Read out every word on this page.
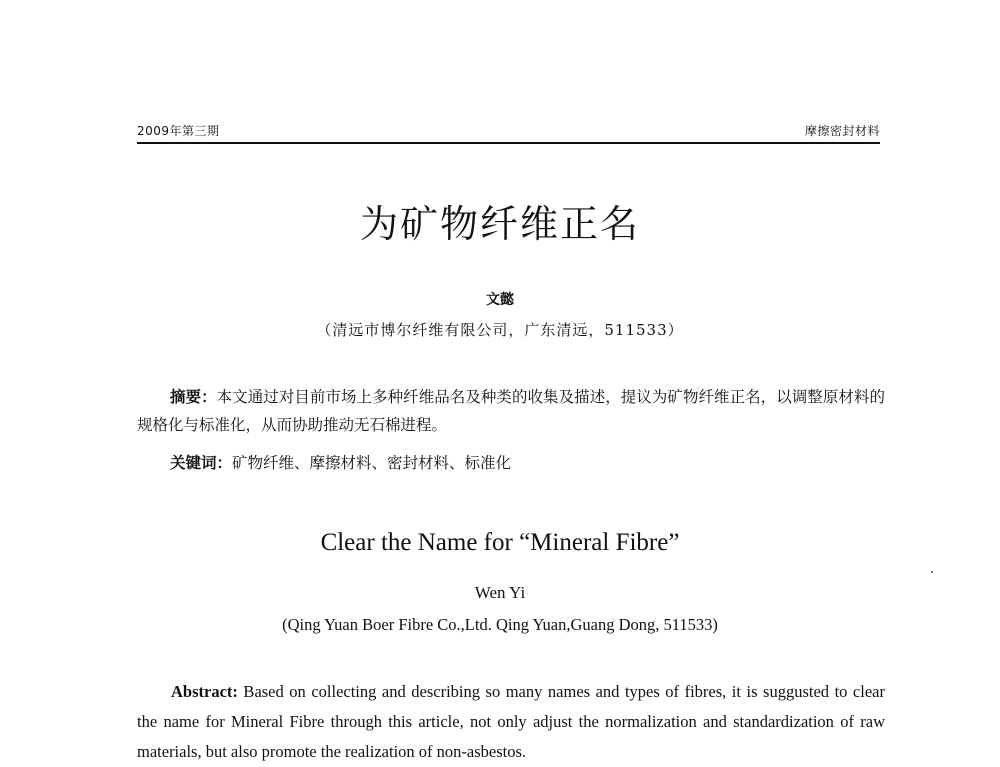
2009年第三期	摩擦密封材料
为矿物纤维正名
文懿
（清远市博尔纤维有限公司，广东清远，511533）
摘要：本文通过对目前市场上多种纤维品名及种类的收集及描述，提议为矿物纤维正名，以调整原材料的规格化与标准化，从而协助推动无石棉进程。
关键词：矿物纤维、摩擦材料、密封材料、标准化
Clear the Name for “Mineral Fibre”
Wen Yi
(Qing Yuan Boer Fibre Co.,Ltd. Qing Yuan,Guang Dong, 511533)
Abstract: Based on collecting and describing so many names and types of fibres, it is suggusted to clear the name for Mineral Fibre through this article, not only adjust the normalization and standardization of raw materials, but also promote the realization of non-asbestos.
